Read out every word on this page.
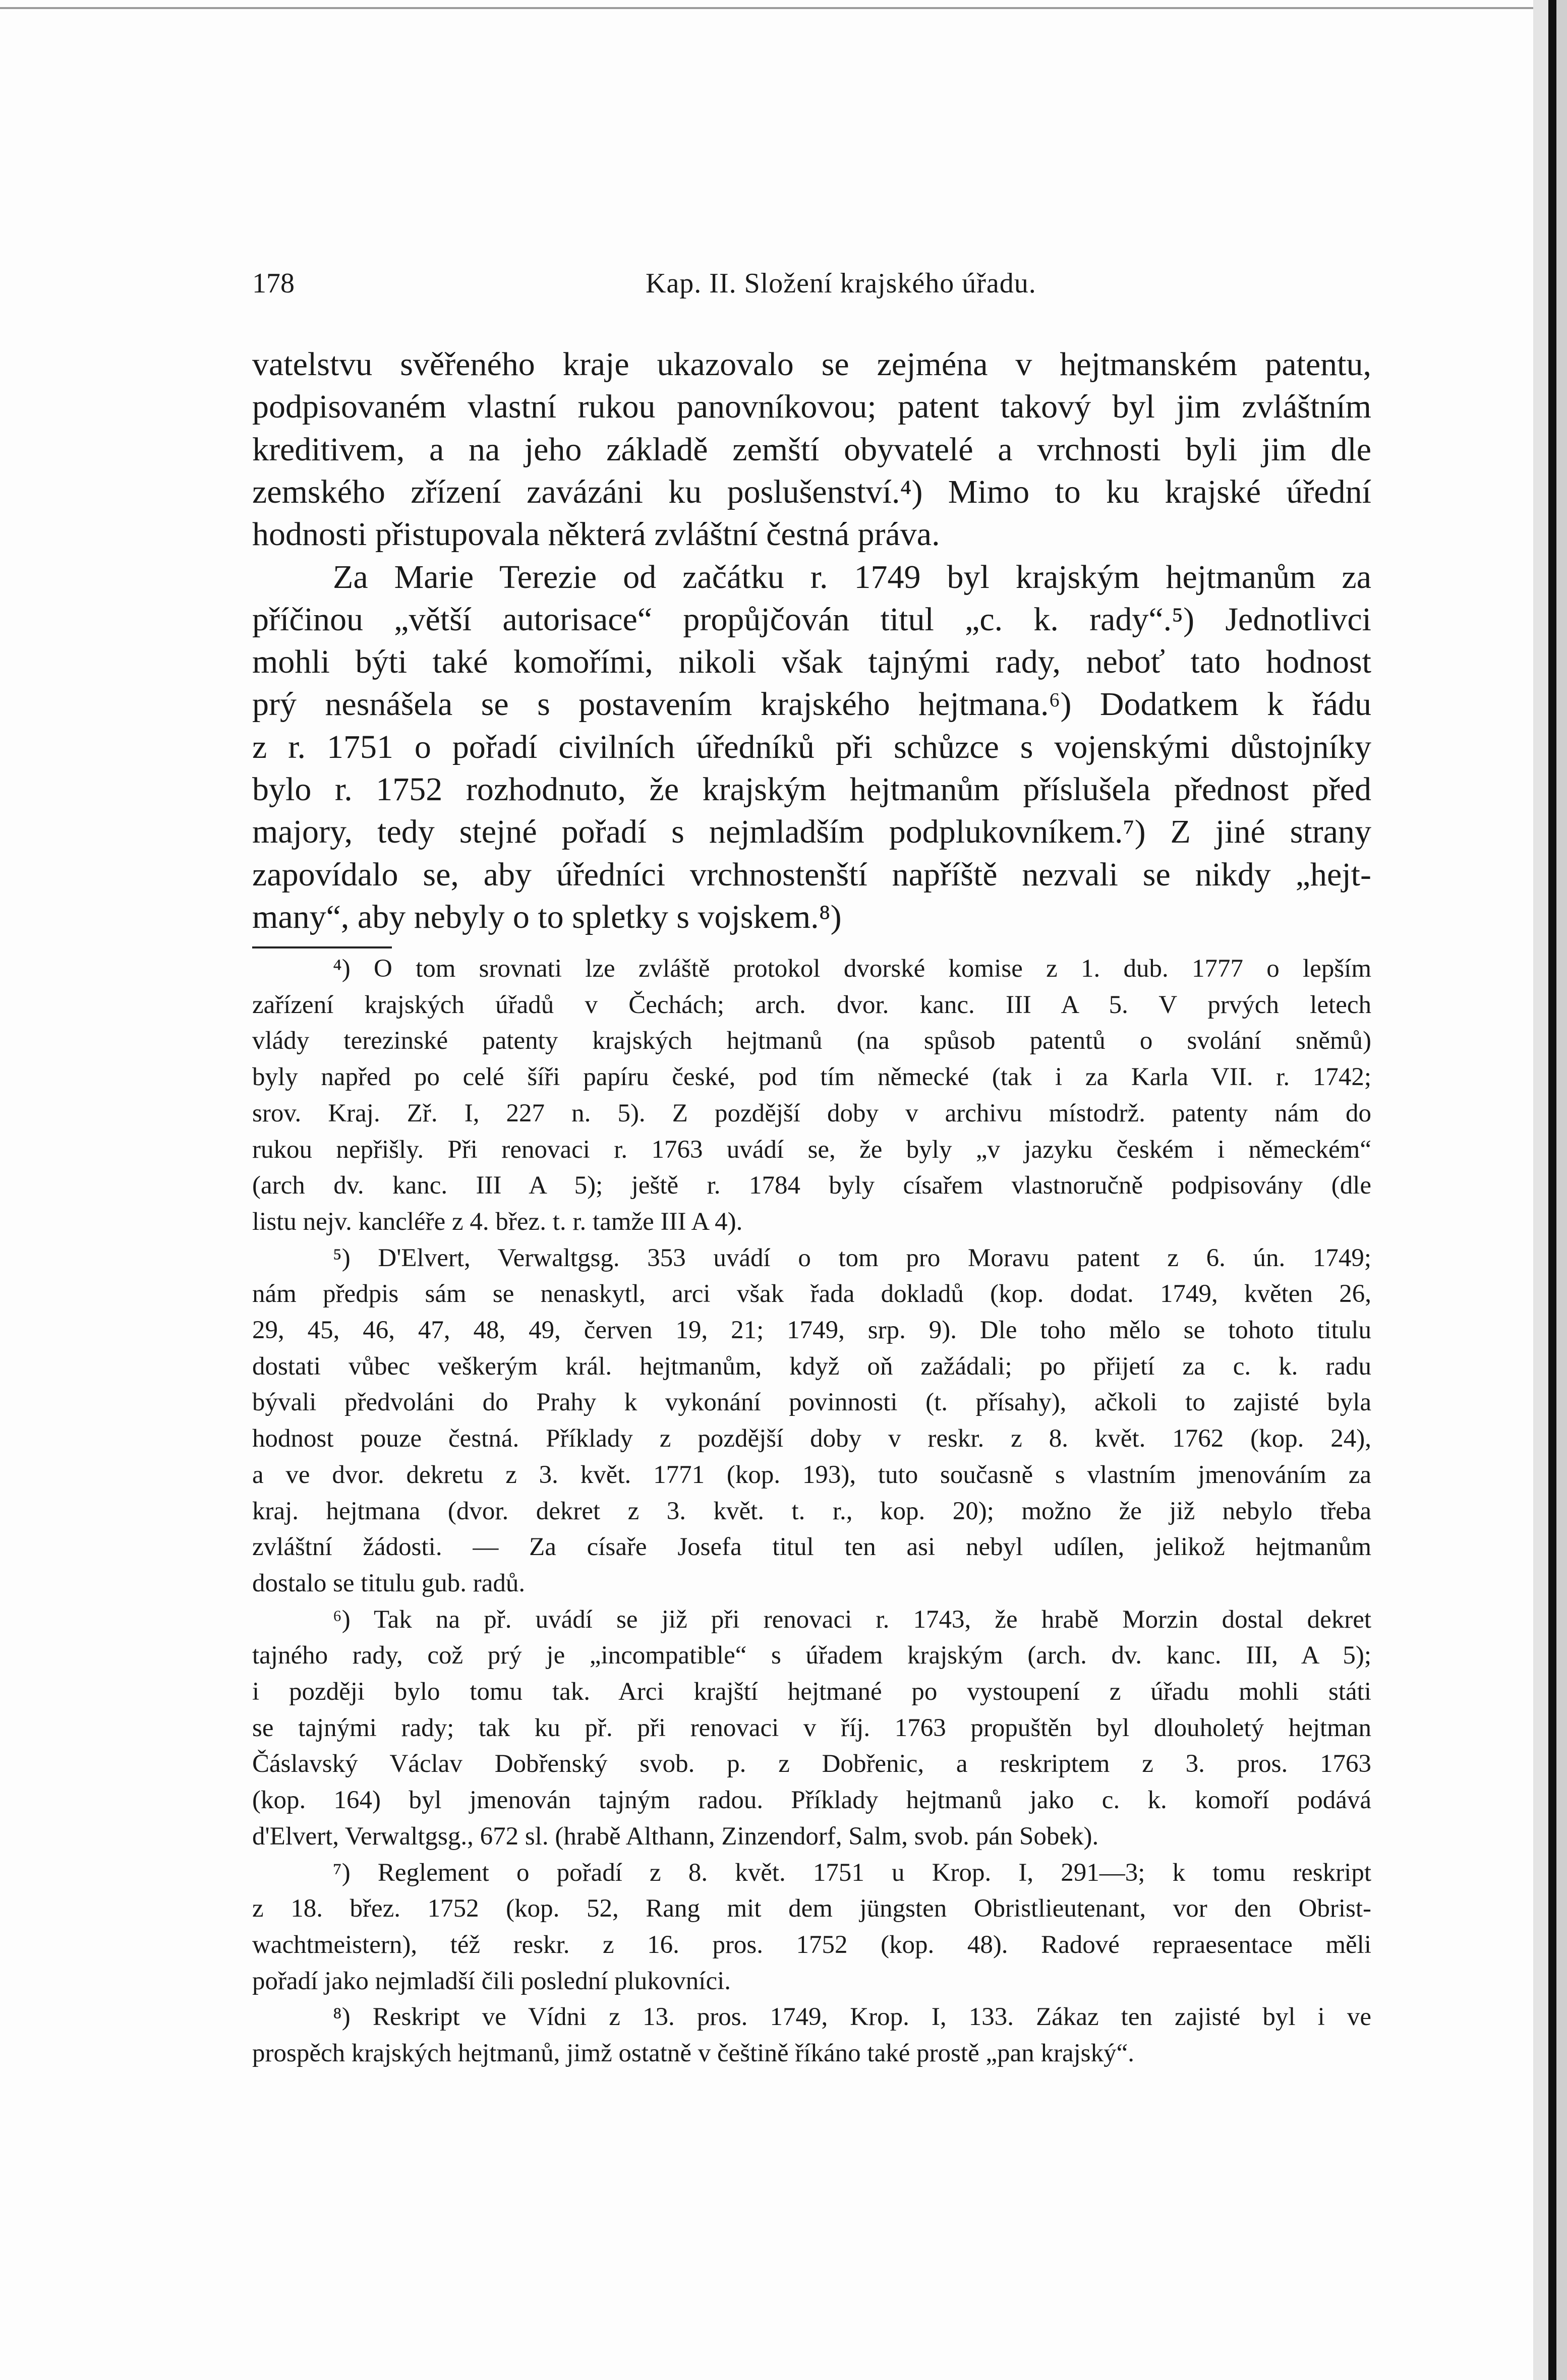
178	Kap. II. Složení krajského úřadu.
vatelstvu svěřeného kraje ukazovalo se zejména v hejtmanském patentu,
podpisovaném vlastní rukou panovníkovou; patent takový byl jim zvláštním
kreditivem, a na jeho základě zemští obyvatelé a vrchnosti byli jim dle
zemského zřízení zavázáni ku poslušenství.⁴) Mimo to ku krajské úřední
hodnosti přistupovala některá zvláštní čestná práva.
Za Marie Terezie od začátku r. 1749 byl krajským hejtmanům za
příčinou „větší autorisace“ propůjčován titul „c. k. rady“.⁵) Jednotlivci
mohli býti také komořími, nikoli však tajnými rady, neboť tato hodnost
prý nesnášela se s postavením krajského hejtmana.⁶) Dodatkem k řádu
z r. 1751 o pořadí civilních úředníků při schůzce s vojenskými důstojníky
bylo r. 1752 rozhodnuto, že krajským hejtmanům příslušela přednost před
majory, tedy stejné pořadí s nejmladším podplukovníkem.⁷) Z jiné strany
zapovídalo se, aby úředníci vrchnostenští napříště nezvali se nikdy „hejt-
many“, aby nebyly o to spletky s vojskem.⁸)
⁴) O tom srovnati lze zvláště protokol dvorské komise z 1. dub. 1777 o lepším
zařízení krajských úřadů v Čechách; arch. dvor. kanc. III A 5. V prvých letech
vlády terezinské patenty krajských hejtmanů (na spůsob patentů o svolání sněmů)
byly napřed po celé šíři papíru české, pod tím německé (tak i za Karla VII. r. 1742;
srov. Kraj. Zř. I, 227 n. 5). Z pozdější doby v archivu místodrž. patenty nám do
rukou nepřišly. Při renovaci r. 1763 uvádí se, že byly „v jazyku českém i německém“
(arch dv. kanc. III A 5); ještě r. 1784 byly císařem vlastnoručně podpisovány (dle
listu nejv. kancléře z 4. břez. t. r. tamže III A 4).
⁵) D'Elvert, Verwaltgsg. 353 uvádí o tom pro Moravu patent z 6. ún. 1749;
nám předpis sám se nenaskytl, arci však řada dokladů (kop. dodat. 1749, květen 26,
29, 45, 46, 47, 48, 49, červen 19, 21; 1749, srp. 9). Dle toho mělo se tohoto titulu
dostati vůbec veškerým král. hejtmanům, když oň zažádali; po přijetí za c. k. radu
bývali předvoláni do Prahy k vykonání povinnosti (t. přísahy), ačkoli to zajisté byla
hodnost pouze čestná. Příklady z pozdější doby v reskr. z 8. květ. 1762 (kop. 24),
a ve dvor. dekretu z 3. květ. 1771 (kop. 193), tuto současně s vlastním jmenováním za
kraj. hejtmana (dvor. dekret z 3. květ. t. r., kop. 20); možno že již nebylo třeba
zvláštní žádosti. — Za císaře Josefa titul ten asi nebyl udílen, jelikož hejtmanům
dostalo se titulu gub. radů.
⁶) Tak na př. uvádí se již při renovaci r. 1743, že hrabě Morzin dostal dekret
tajného rady, což prý je „incompatible“ s úřadem krajským (arch. dv. kanc. III, A 5);
i později bylo tomu tak. Arci krajští hejtmané po vystoupení z úřadu mohli státi
se tajnými rady; tak ku př. při renovaci v říj. 1763 propuštěn byl dlouholetý hejtman
Čáslavský Václav Dobřenský svob. p. z Dobřenic, a reskriptem z 3. pros. 1763
(kop. 164) byl jmenován tajným radou. Příklady hejtmanů jako c. k. komoří podává
d'Elvert, Verwaltgsg., 672 sl. (hrabě Althann, Zinzendorf, Salm, svob. pán Sobek).
⁷) Reglement o pořadí z 8. květ. 1751 u Krop. I, 291—3; k tomu reskript
z 18. břez. 1752 (kop. 52, Rang mit dem jüngsten Obristlieutenant, vor den Obrist-
wachtmeistern), též reskr. z 16. pros. 1752 (kop. 48). Radové repraesentace měli
pořadí jako nejmladší čili poslední plukovníci.
⁸) Reskript ve Vídni z 13. pros. 1749, Krop. I, 133. Zákaz ten zajisté byl i ve
prospěch krajských hejtmanů, jimž ostatně v češtině říkáno také prostě „pan krajský“.
